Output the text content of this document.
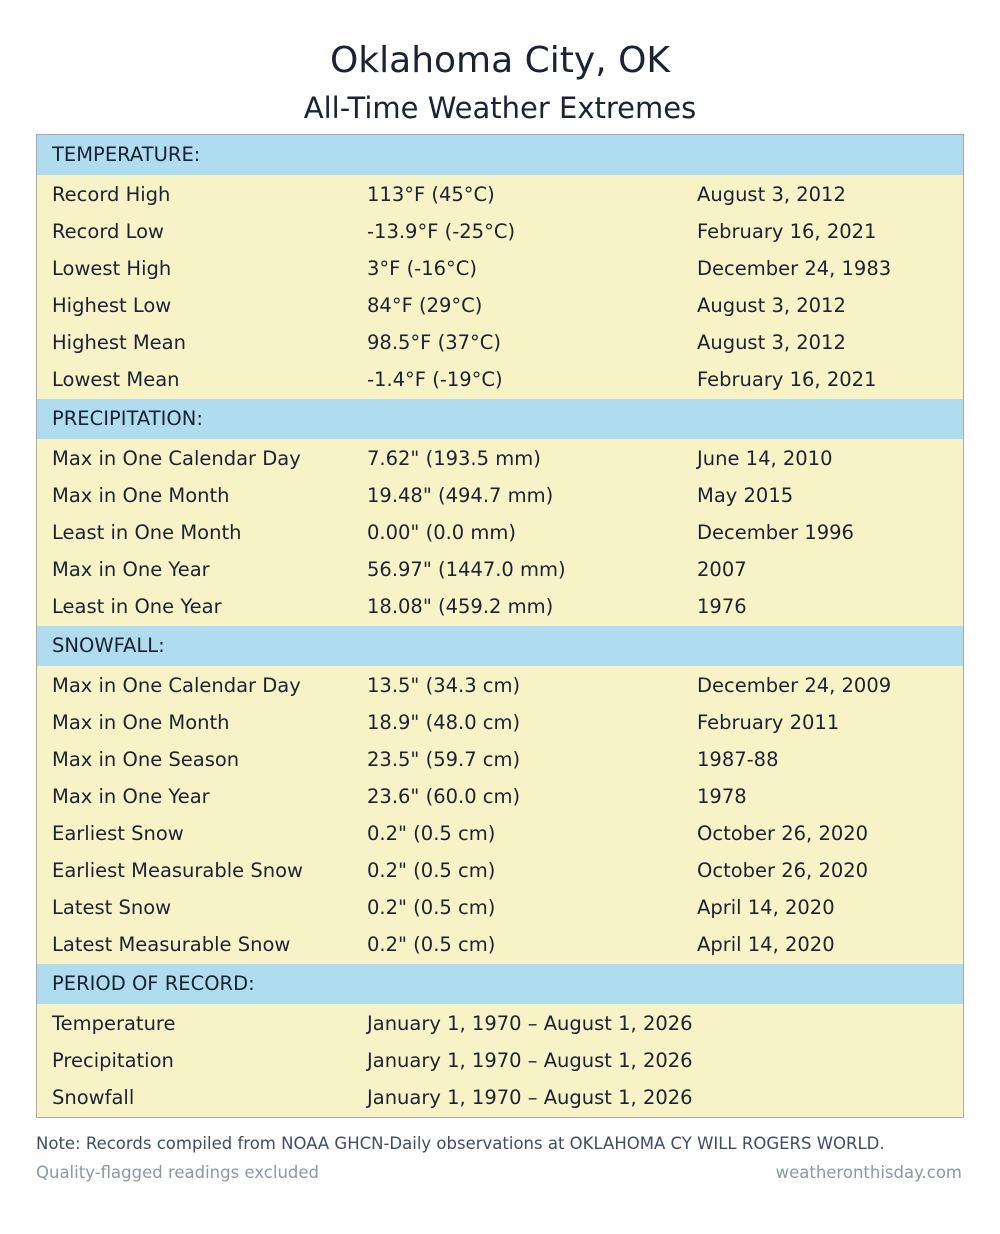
Oklahoma City, OK
All-Time Weather Extremes
TEMPERATURE:
Record High	113°F (45°C)	August 3, 2012
Record Low	-13.9°F (-25°C)	February 16, 2021
Lowest High	3°F (-16°C)	December 24, 1983
Highest Low	84°F (29°C)	August 3, 2012
Highest Mean	98.5°F (37°C)	August 3, 2012
Lowest Mean	-1.4°F (-19°C)	February 16, 2021
PRECIPITATION:
Max in One Calendar Day	7.62" (193.5 mm)	June 14, 2010
Max in One Month	19.48" (494.7 mm)	May 2015
Least in One Month	0.00" (0.0 mm)	December 1996
Max in One Year	56.97" (1447.0 mm)	2007
Least in One Year	18.08" (459.2 mm)	1976
SNOWFALL:
Max in One Calendar Day	13.5" (34.3 cm)	December 24, 2009
Max in One Month	18.9" (48.0 cm)	February 2011
Max in One Season	23.5" (59.7 cm)	1987-88
Max in One Year	23.6" (60.0 cm)	1978
Earliest Snow	0.2" (0.5 cm)	October 26, 2020
Earliest Measurable Snow	0.2" (0.5 cm)	October 26, 2020
Latest Snow	0.2" (0.5 cm)	April 14, 2020
Latest Measurable Snow	0.2" (0.5 cm)	April 14, 2020
PERIOD OF RECORD:
Temperature	January 1, 1970 – August 1, 2026
Precipitation	January 1, 1970 – August 1, 2026
Snowfall	January 1, 1970 – August 1, 2026
Note: Records compiled from NOAA GHCN-Daily observations at OKLAHOMA CY WILL ROGERS WORLD.
Quality-flagged readings excluded	weatheronthisday.com
